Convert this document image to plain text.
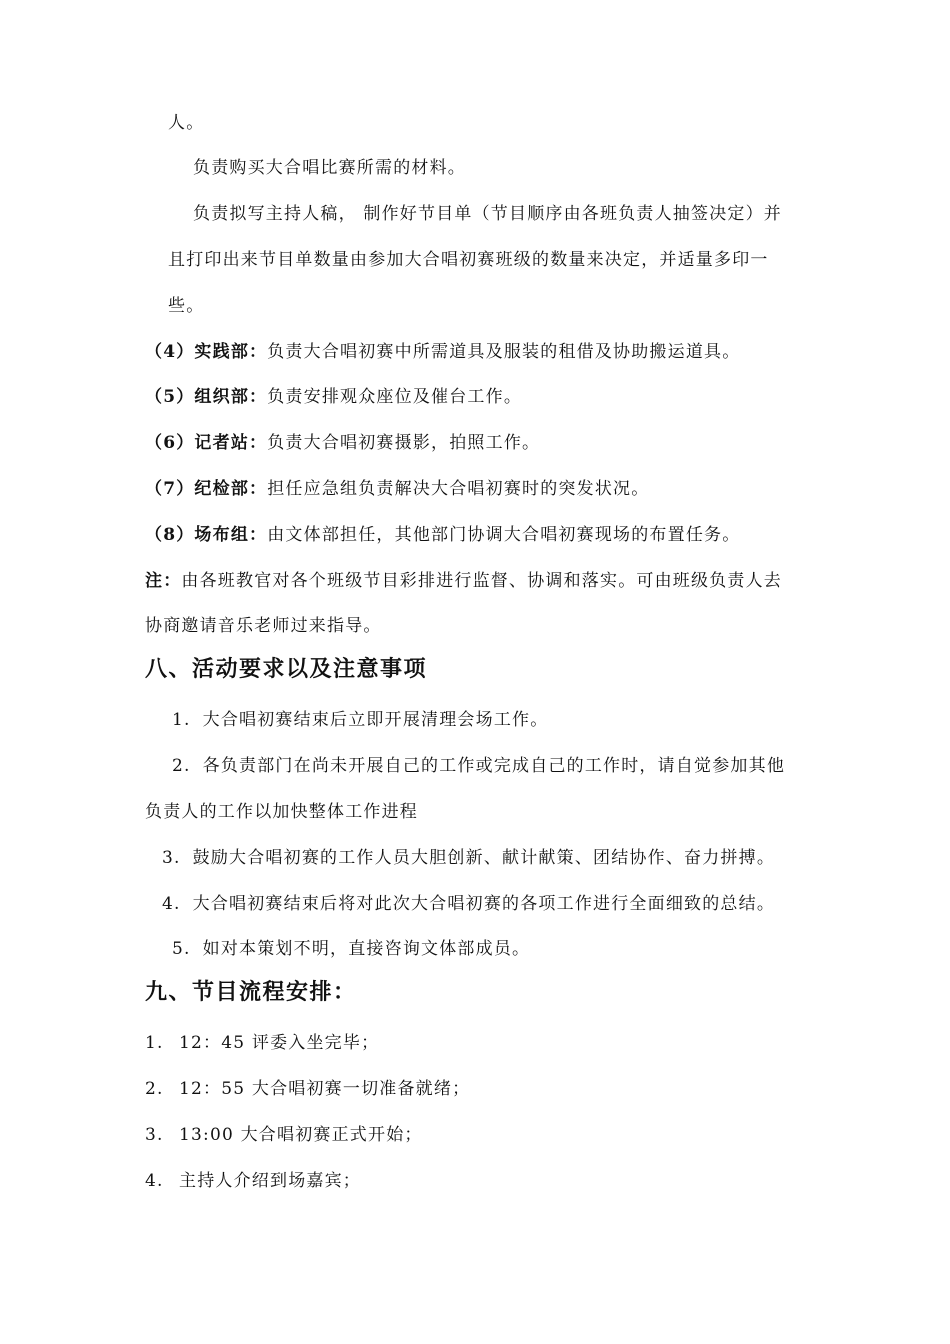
人。
负责购买大合唱比赛所需的材料。
负责拟写主持人稿， 制作好节目单（节目顺序由各班负责人抽签决定）并
且打印出来节目单数量由参加大合唱初赛班级的数量来决定，并适量多印一
些。
（4）实践部：负责大合唱初赛中所需道具及服装的租借及协助搬运道具。
（5）组织部：负责安排观众座位及催台工作。
（6）记者站：负责大合唱初赛摄影，拍照工作。
（7）纪检部：担任应急组负责解决大合唱初赛时的突发状况。
（8）场布组：由文体部担任，其他部门协调大合唱初赛现场的布置任务。
注：由各班教官对各个班级节目彩排进行监督、协调和落实。可由班级负责人去
协商邀请音乐老师过来指导。
八、活动要求以及注意事项
1. 大合唱初赛结束后立即开展清理会场工作。
2. 各负责部门在尚未开展自己的工作或完成自己的工作时，请自觉参加其他
负责人的工作以加快整体工作进程
3. 鼓励大合唱初赛的工作人员大胆创新、献计献策、团结协作、奋力拼搏。
4. 大合唱初赛结束后将对此次大合唱初赛的各项工作进行全面细致的总结。
5. 如对本策划不明，直接咨询文体部成员。
九、节目流程安排：
1. 12：45 评委入坐完毕；
2. 12：55 大合唱初赛一切准备就绪；
3. 13:00 大合唱初赛正式开始；
4. 主持人介绍到场嘉宾；
